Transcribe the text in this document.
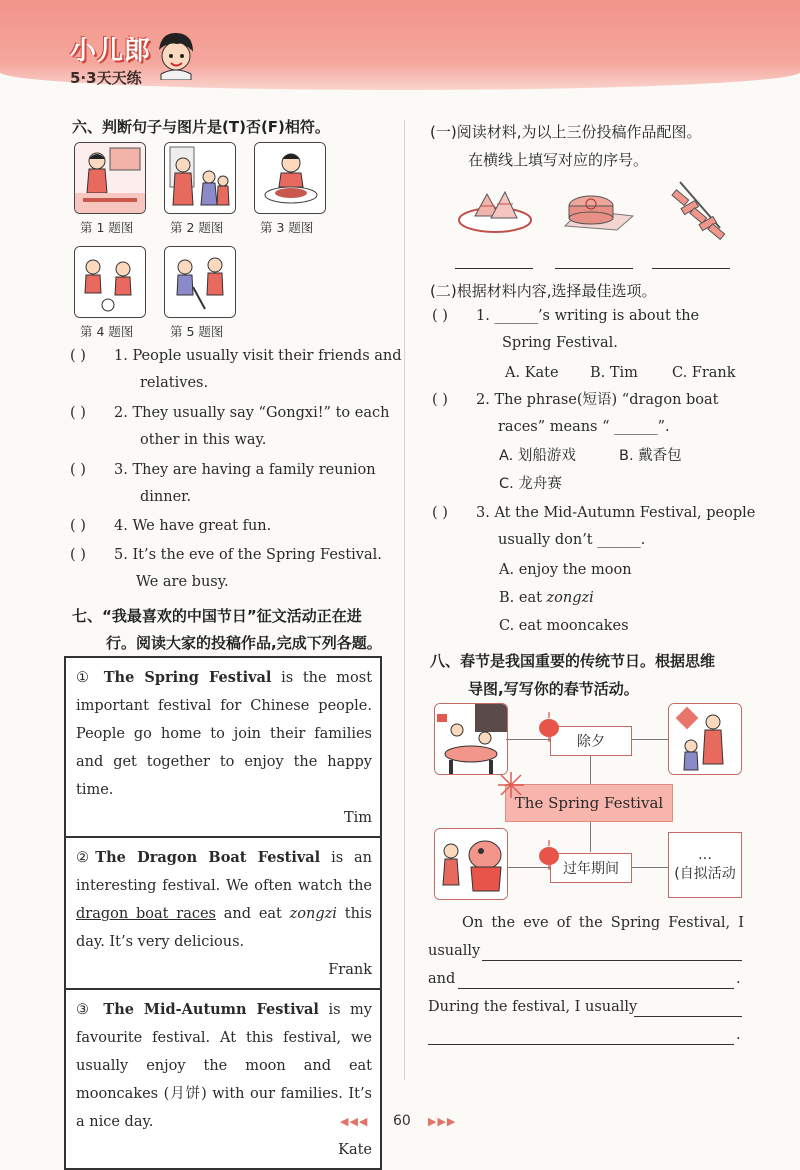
小儿郎
5·3天天练
六、判断句子与图片是(T)否(F)相符。
第 1 题图	第 2 题图	第 3 题图
第 4 题图	第 5 题图
( ) 1. People usually visit their friends and
relatives.
( ) 2. They usually say “Gongxi!” to each
other in this way.
( ) 3. They are having a family reunion
dinner.
( ) 4. We have great fun.
( ) 5. It’s the eve of the Spring Festival.
We are busy.
七、“我最喜欢的中国节日”征文活动正在进
行。阅读大家的投稿作品,完成下列各题。
① The Spring Festival is the most important festival for Chinese people. People go home to join their families and get together to enjoy the happy time.
Tim
②The Dragon Boat Festival is an interesting festival. We often watch the dragon boat races and eat zongzi this day. It’s very delicious.
Frank
③ The Mid-Autumn Festival is my favourite festival. At this festival, we usually enjoy the moon and eat mooncakes (月饼) with our families. It’s a nice day.
Kate
(一)阅读材料,为以上三份投稿作品配图。
在横线上填写对应的序号。
(二)根据材料内容,选择最佳选项。
( ) 1. ______’s writing is about the
Spring Festival.
A. Kate B. Tim C. Frank
( ) 2. The phrase(短语) “dragon boat
races” means “ ______”.
A. 划船游戏	B. 戴香包
C. 龙舟赛
( ) 3. At the Mid-Autumn Festival, people
usually don’t ______.
A. enjoy the moon
B. eat zongzi
C. eat mooncakes
八、春节是我国重要的传统节日。根据思维
导图,写写你的春节活动。
除夕
The Spring Festival
过年期间
…
(自拟活动
On the eve of the Spring Festival, I
usually
and	.
During the festival, I usually
.
◀◀◀ 60 ▶▶▶
